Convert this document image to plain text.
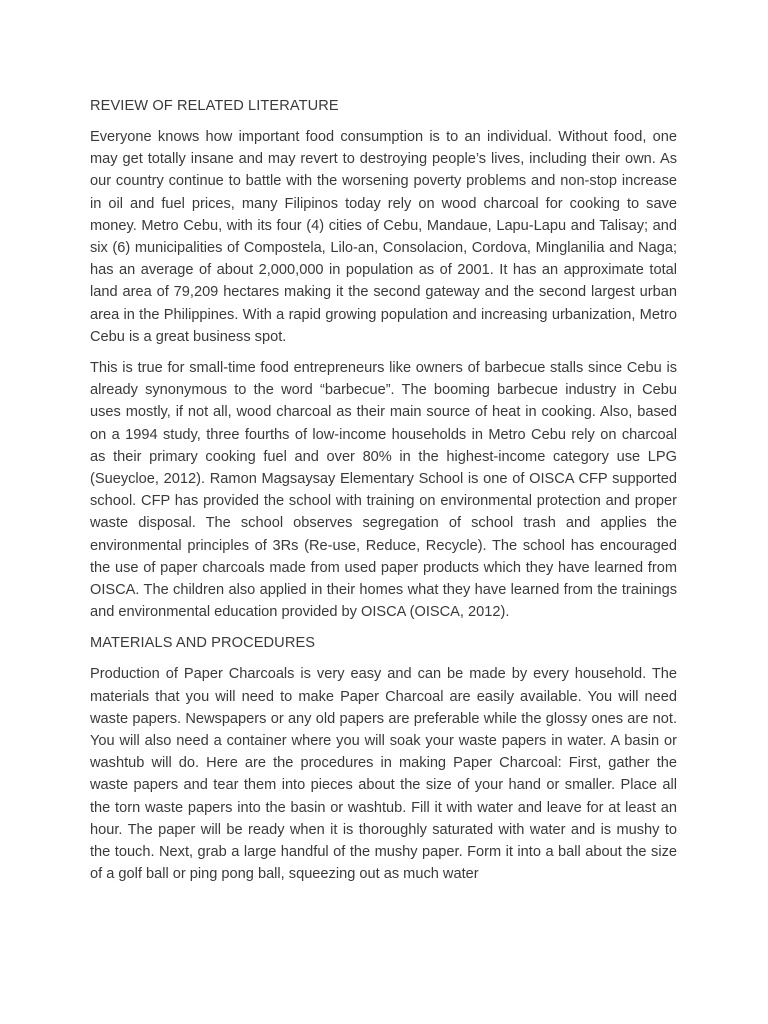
REVIEW OF RELATED LITERATURE

Everyone knows how important food consumption is to an individual. Without food, one may get totally insane and may revert to destroying people’s lives, including their own. As our country continue to battle with the worsening poverty problems and non-stop increase in oil and fuel prices, many Filipinos today rely on wood charcoal for cooking to save money. Metro Cebu, with its four (4) cities of Cebu, Mandaue, Lapu-Lapu and Talisay; and six (6) municipalities of Compostela, Lilo-an, Consolacion, Cordova, Minglanilia and Naga; has an average of about 2,000,000 in population as of 2001. It has an approximate total land area of 79,209 hectares making it the second gateway and the second largest urban area in the Philippines. With a rapid growing population and increasing urbanization, Metro Cebu is a great business spot.

This is true for small-time food entrepreneurs like owners of barbecue stalls since Cebu is already synonymous to the word “barbecue”. The booming barbecue industry in Cebu uses mostly, if not all, wood charcoal as their main source of heat in cooking. Also, based on a 1994 study, three fourths of low-income households in Metro Cebu rely on charcoal as their primary cooking fuel and over 80% in the highest-income category use LPG (Sueycloe, 2012). Ramon Magsaysay Elementary School is one of OISCA CFP supported school. CFP has provided the school with training on environmental protection and proper waste disposal. The school observes segregation of school trash and applies the environmental principles of 3Rs (Re-use, Reduce, Recycle). The school has encouraged the use of paper charcoals made from used paper products which they have learned from OISCA. The children also applied in their homes what they have learned from the trainings and environmental education provided by OISCA (OISCA, 2012).

MATERIALS AND PROCEDURES

Production of Paper Charcoals is very easy and can be made by every household. The materials that you will need to make Paper Charcoal are easily available. You will need waste papers. Newspapers or any old papers are preferable while the glossy ones are not. You will also need a container where you will soak your waste papers in water. A basin or washtub will do. Here are the procedures in making Paper Charcoal: First, gather the waste papers and tear them into pieces about the size of your hand or smaller. Place all the torn waste papers into the basin or washtub. Fill it with water and leave for at least an hour. The paper will be ready when it is thoroughly saturated with water and is mushy to the touch. Next, grab a large handful of the mushy paper. Form it into a ball about the size of a golf ball or ping pong ball, squeezing out as much water
